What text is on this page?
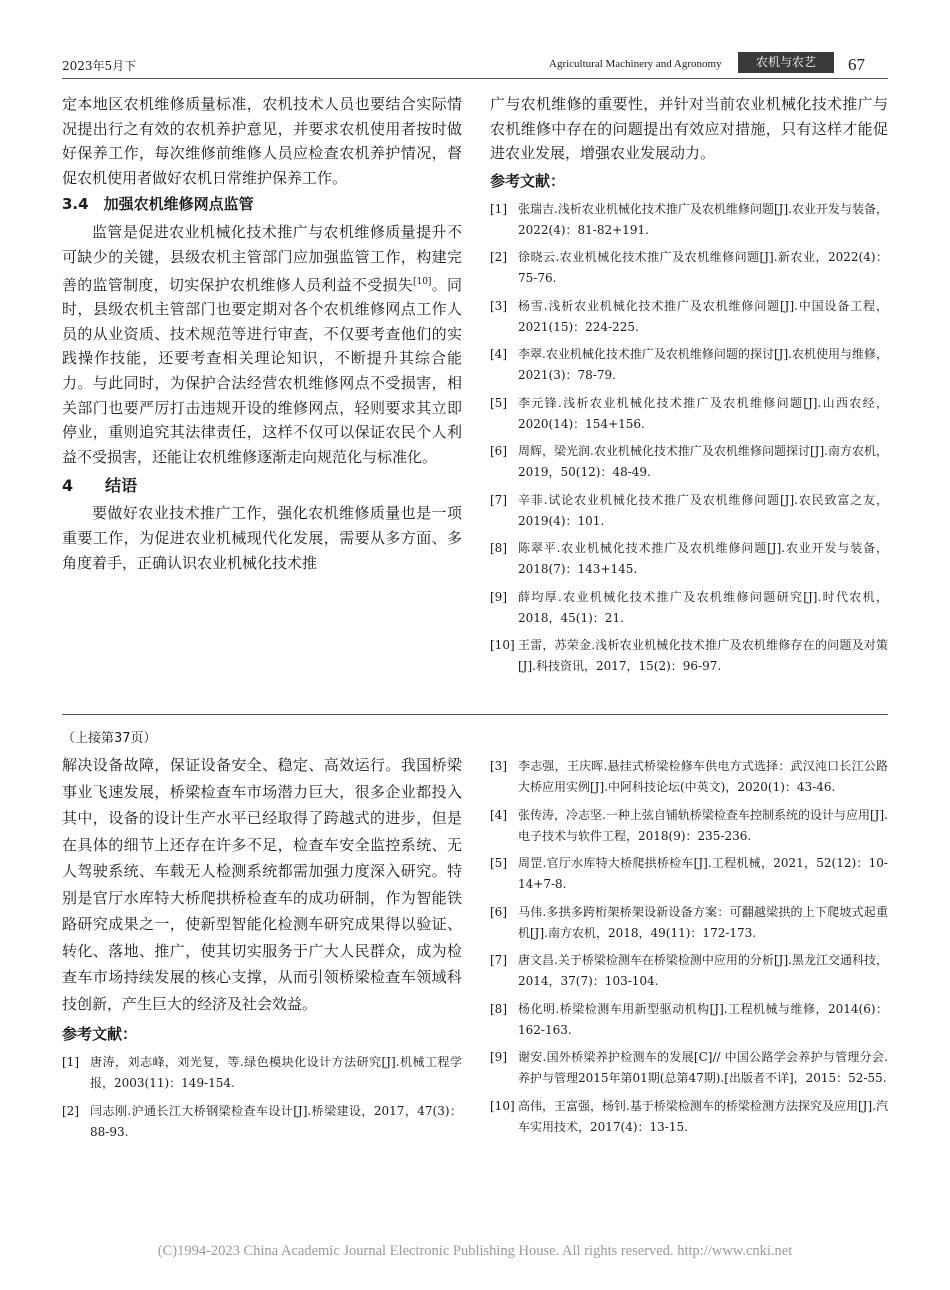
2023年5月下	Agricultural Machinery and Agronomy	农机与农艺	67

定本地区农机维修质量标准，农机技术人员也要结合实际情况提出行之有效的农机养护意见，并要求农机使用者按时做好保养工作，每次维修前维修人员应检查农机养护情况，督促农机使用者做好农机日常维护保养工作。

3.4　加强农机维修网点监管

监管是促进农业机械化技术推广与农机维修质量提升不可缺少的关键，县级农机主管部门应加强监管工作，构建完善的监管制度，切实保护农机维修人员利益不受损失[10]。同时，县级农机主管部门也要定期对各个农机维修网点工作人员的从业资质、技术规范等进行审查，不仅要考查他们的实践操作技能，还要考查相关理论知识，不断提升其综合能力。与此同时，为保护合法经营农机维修网点不受损害，相关部门也要严厉打击违规开设的维修网点，轻则要求其立即停业，重则追究其法律责任，这样不仅可以保证农民个人利益不受损害，还能让农机维修逐渐走向规范化与标准化。

4　　结语

要做好农业技术推广工作，强化农机维修质量也是一项重要工作，为促进农业机械现代化发展，需要从多方面、多角度着手，正确认识农业机械化技术推

广与农机维修的重要性，并针对当前农业机械化技术推广与农机维修中存在的问题提出有效应对措施，只有这样才能促进农业发展，增强农业发展动力。

参考文献：
[1] 张瑞吉.浅析农业机械化技术推广及农机维修问题[J].农业开发与装备，2022(4)：81-82+191.
[2] 徐晓云.农业机械化技术推广及农机维修问题[J].新农业，2022(4)：75-76.
[3] 杨雪.浅析农业机械化技术推广及农机维修问题[J].中国设备工程，2021(15)：224-225.
[4] 李翠.农业机械化技术推广及农机维修问题的探讨[J].农机使用与维修，2021(3)：78-79.
[5] 李元锋.浅析农业机械化技术推广及农机维修问题[J].山西农经，2020(14)：154+156.
[6] 周辉，梁光润.农业机械化技术推广及农机维修问题探讨[J].南方农机，2019，50(12)：48-49.
[7] 辛菲.试论农业机械化技术推广及农机维修问题[J].农民致富之友，2019(4)：101.
[8] 陈翠平.农业机械化技术推广及农机维修问题[J].农业开发与装备，2018(7)：143+145.
[9] 薛均厚.农业机械化技术推广及农机维修问题研究[J].时代农机，2018，45(1)：21.
[10] 王雷，苏荣金.浅析农业机械化技术推广及农机维修存在的问题及对策[J].科技资讯，2017，15(2)：96-97.
（上接第37页）

解决设备故障，保证设备安全、稳定、高效运行。我国桥梁事业飞速发展，桥梁检查车市场潜力巨大，很多企业都投入其中，设备的设计生产水平已经取得了跨越式的进步，但是在具体的细节上还存在许多不足，检查车安全监控系统、无人驾驶系统、车载无人检测系统都需加强力度深入研究。特别是官厅水库特大桥爬拱桥检查车的成功研制，作为智能铁路研究成果之一，使新型智能化检测车研究成果得以验证、转化、落地、推广，使其切实服务于广大人民群众，成为检查车市场持续发展的核心支撑，从而引领桥梁检查车领域科技创新，产生巨大的经济及社会效益。

参考文献：
[1] 唐涛，刘志峰，刘光复，等.绿色模块化设计方法研究[J].机械工程学报，2003(11)：149-154.
[2] 闫志刚.沪通长江大桥钢梁检查车设计[J].桥梁建设，2017，47(3)：88-93.
[3] 李志强，王庆晖.悬挂式桥梁检修车供电方式选择：武汉沌口长江公路大桥应用实例[J].中阿科技论坛(中英文)，2020(1)：43-46.
[4] 张传涛，冷志坚.一种上弦自铺轨桥梁检查车控制系统的设计与应用[J].电子技术与软件工程，2018(9)：235-236.
[5] 周罡.官厅水库特大桥爬拱桥检车[J].工程机械，2021，52(12)：10-14+7-8.
[6] 马伟.多拱多跨桁架桥架设新设备方案：可翻越梁拱的上下爬坡式起重机[J].南方农机，2018，49(11)：172-173.
[7] 唐文昌.关于桥梁检测车在桥梁检测中应用的分析[J].黑龙江交通科技，2014，37(7)：103-104.
[8] 杨化明.桥梁检测车用新型驱动机构[J].工程机械与维修，2014(6)：162-163.
[9] 谢安.国外桥梁养护检测车的发展[C]// 中国公路学会养护与管理分会.养护与管理2015年第01期(总第47期).[出版者不详]，2015：52-55.
[10] 高伟，王富强，杨钊.基于桥梁检测车的桥梁检测方法探究及应用[J].汽车实用技术，2017(4)：13-15.
(C)1994-2023 China Academic Journal Electronic Publishing House. All rights reserved. http://www.cnki.net
